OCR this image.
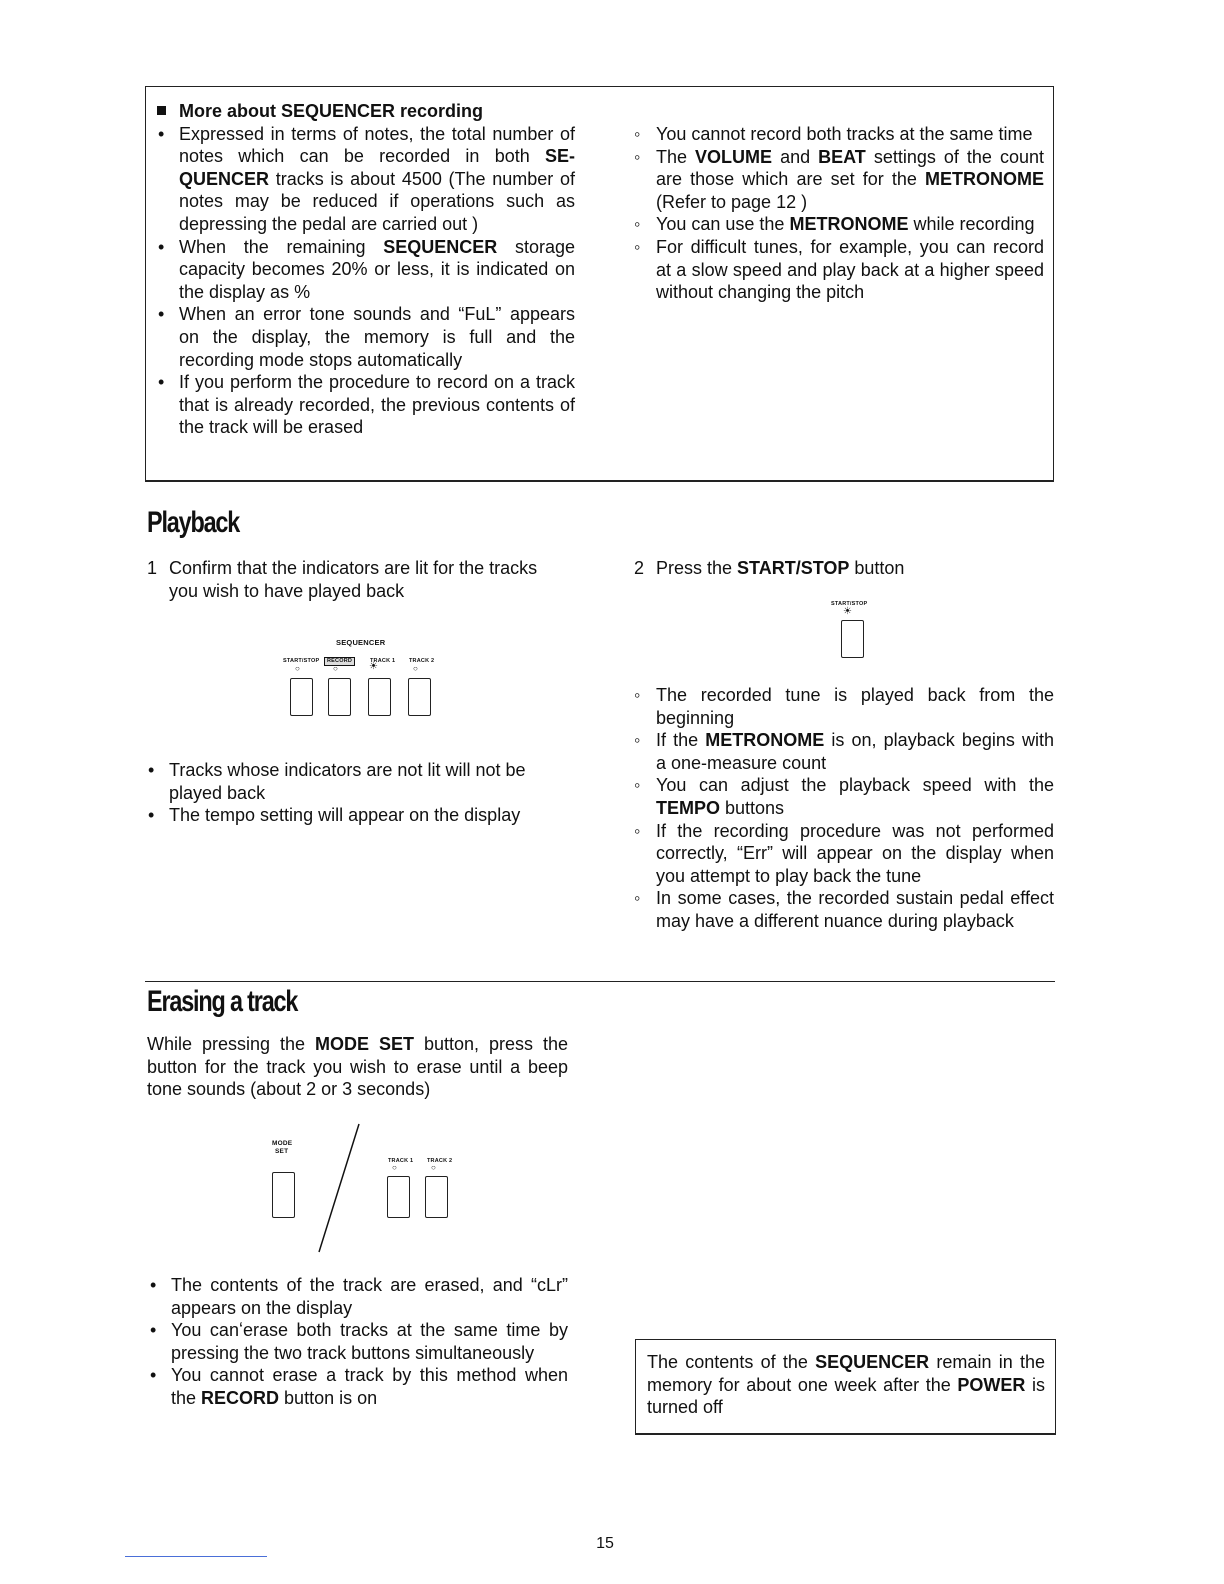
More about SEQUENCER recording
• Expressed in terms of notes, the total number of notes which can be recorded in both SEQUENCER tracks is about 4500 (The number of notes may be reduced if operations such as depressing the pedal are carried out )
• When the remaining SEQUENCER storage capacity becomes 20% or less, it is indicated on the display as %
• When an error tone sounds and “FuL” appears on the display, the memory is full and the recording mode stops automatically
• If you perform the procedure to record on a track that is already recorded, the previous contents of the track will be erased
◦ You cannot record both tracks at the same time
◦ The VOLUME and BEAT settings of the count are those which are set for the METRONOME (Refer to page 12 )
◦ You can use the METRONOME while recording
◦ For difficult tunes, for example, you can record at a slow speed and play back at a higher speed without changing the pitch
Playback
1 Confirm that the indicators are lit for the tracks you wish to have played back
2 Press the START/STOP button
SEQUENCER
START/STOP	RECORD	TRACK 1	TRACK 2
○	○	☀	○
START/STOP
☀
• Tracks whose indicators are not lit will not be played back
• The tempo setting will appear on the display
◦ The recorded tune is played back from the beginning
◦ If the METRONOME is on, playback begins with a one-measure count
◦ You can adjust the playback speed with the TEMPO buttons
◦ If the recording procedure was not performed correctly, “Err” will appear on the display when you attempt to play back the tune
◦ In some cases, the recorded sustain pedal effect may have a different nuance during playback
Erasing a track
While pressing the MODE SET button, press the button for the track you wish to erase until a beep tone sounds (about 2 or 3 seconds)
MODE
SET
TRACK 1	TRACK 2
○	○
• The contents of the track are erased, and “cLr” appears on the display
• You canʻerase both tracks at the same time by pressing the two track buttons simultaneously
• You cannot erase a track by this method when the RECORD button is on
The contents of the SEQUENCER remain in the memory for about one week after the POWER is turned off
15
